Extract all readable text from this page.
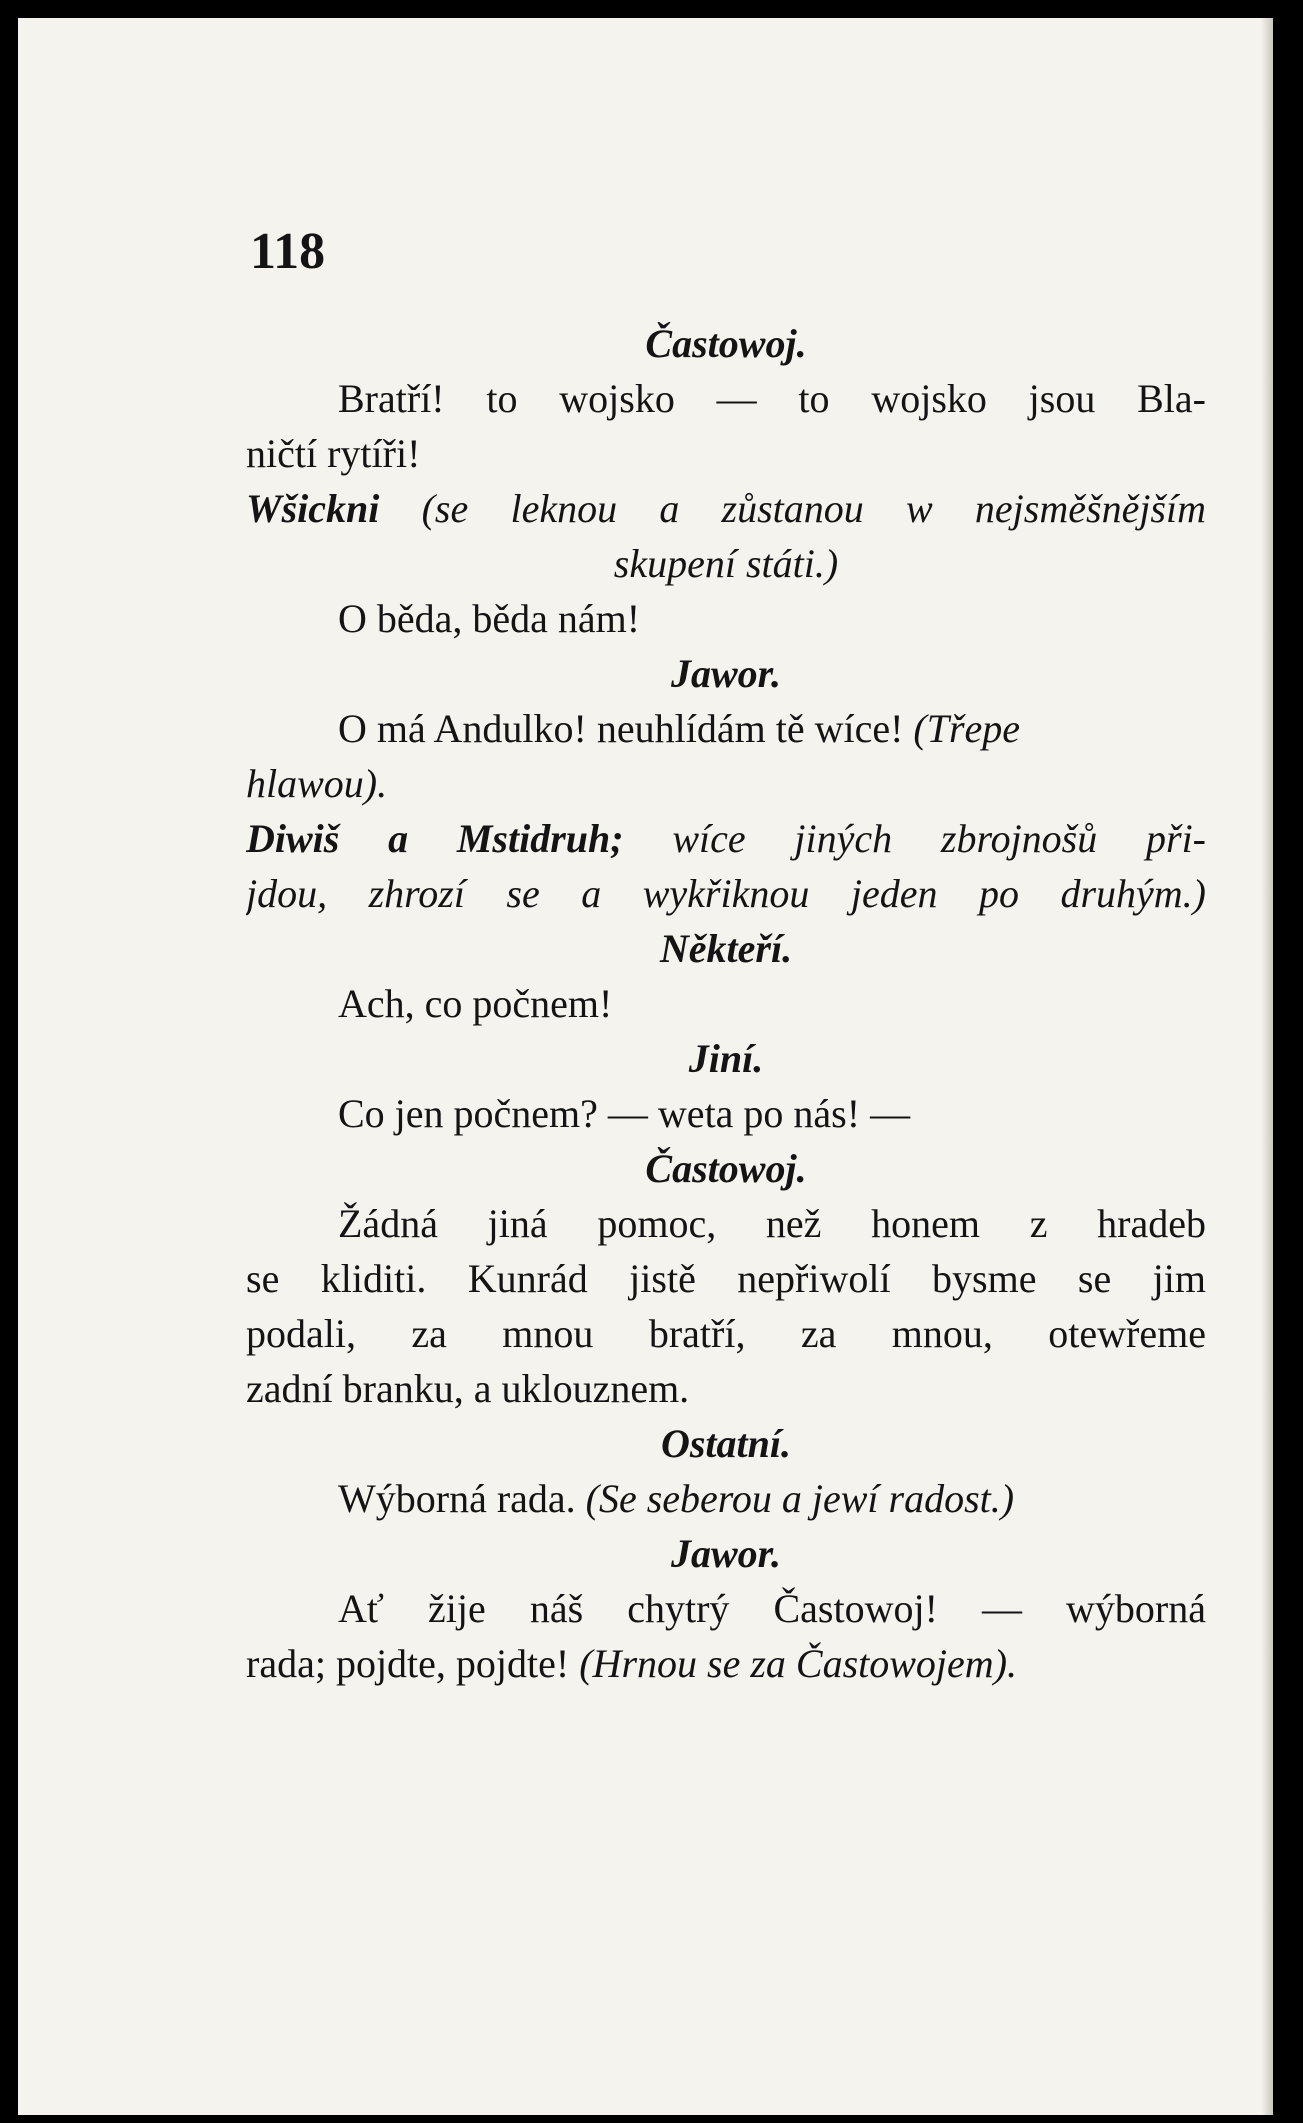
118
Častowoj.
Bratří! to wojsko — to wojsko jsou Bla-
ničtí rytíři!
Wšickni (se leknou a zůstanou w nejsměšnějším
skupení státi.)
O běda, běda nám!
Jawor.
O má Andulko! neuhlídám tě wíce! (Třepe
hlawou).
Diwiš a Mstidruh; wíce jiných zbrojnošů při-
jdou, zhrozí se a wykřiknou jeden po druhým.)
Někteří.
Ach, co počnem!
Jiní.
Co jen počnem? — weta po nás! —
Častowoj.
Žádná jiná pomoc, než honem z hradeb
se kliditi. Kunrád jistě nepřiwolí bysme se jim
podali, za mnou bratří, za mnou, otewřeme
zadní branku, a uklouznem.
Ostatní.
Wýborná rada. (Se seberou a jewí radost.)
Jawor.
Ať žije náš chytrý Častowoj! — wýborná
rada; pojdte, pojdte! (Hrnou se za Častowojem).
